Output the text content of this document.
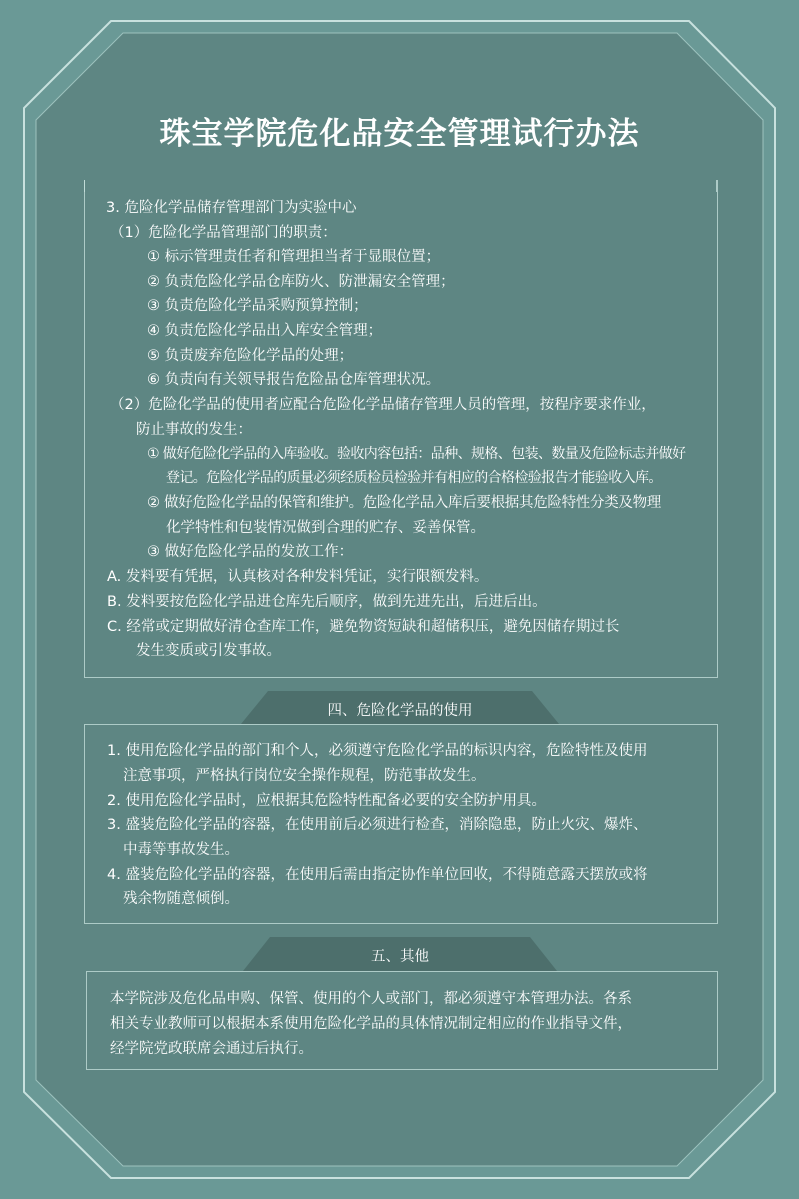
珠宝学院危化品安全管理试行办法
3. 危险化学品储存管理部门为实验中心
（1）危险化学品管理部门的职责：
① 标示管理责任者和管理担当者于显眼位置；
② 负责危险化学品仓库防火、防泄漏安全管理；
③ 负责危险化学品采购预算控制；
④ 负责危险化学品出入库安全管理；
⑤ 负责废弃危险化学品的处理；
⑥ 负责向有关领导报告危险品仓库管理状况。
（2）危险化学品的使用者应配合危险化学品储存管理人员的管理，按程序要求作业，
防止事故的发生：
① 做好危险化学品的入库验收。验收内容包括：品种、规格、包装、数量及危险标志并做好
登记。危险化学品的质量必须经质检员检验并有相应的合格检验报告才能验收入库。
② 做好危险化学品的保管和维护。危险化学品入库后要根据其危险特性分类及物理
化学特性和包装情况做到合理的贮存、妥善保管。
③ 做好危险化学品的发放工作：
A. 发料要有凭据，认真核对各种发料凭证，实行限额发料。
B. 发料要按危险化学品进仓库先后顺序，做到先进先出，后进后出。
C. 经常或定期做好清仓查库工作，避免物资短缺和超储积压，避免因储存期过长
发生变质或引发事故。
四、危险化学品的使用
1. 使用危险化学品的部门和个人，必须遵守危险化学品的标识内容，危险特性及使用
注意事项，严格执行岗位安全操作规程，防范事故发生。
2. 使用危险化学品时，应根据其危险特性配备必要的安全防护用具。
3. 盛装危险化学品的容器，在使用前后必须进行检查，消除隐患，防止火灾、爆炸、
中毒等事故发生。
4. 盛装危险化学品的容器，在使用后需由指定协作单位回收，不得随意露天摆放或将
残余物随意倾倒。
五、其他
本学院涉及危化品申购、保管、使用的个人或部门，都必须遵守本管理办法。各系
相关专业教师可以根据本系使用危险化学品的具体情况制定相应的作业指导文件，
经学院党政联席会通过后执行。
